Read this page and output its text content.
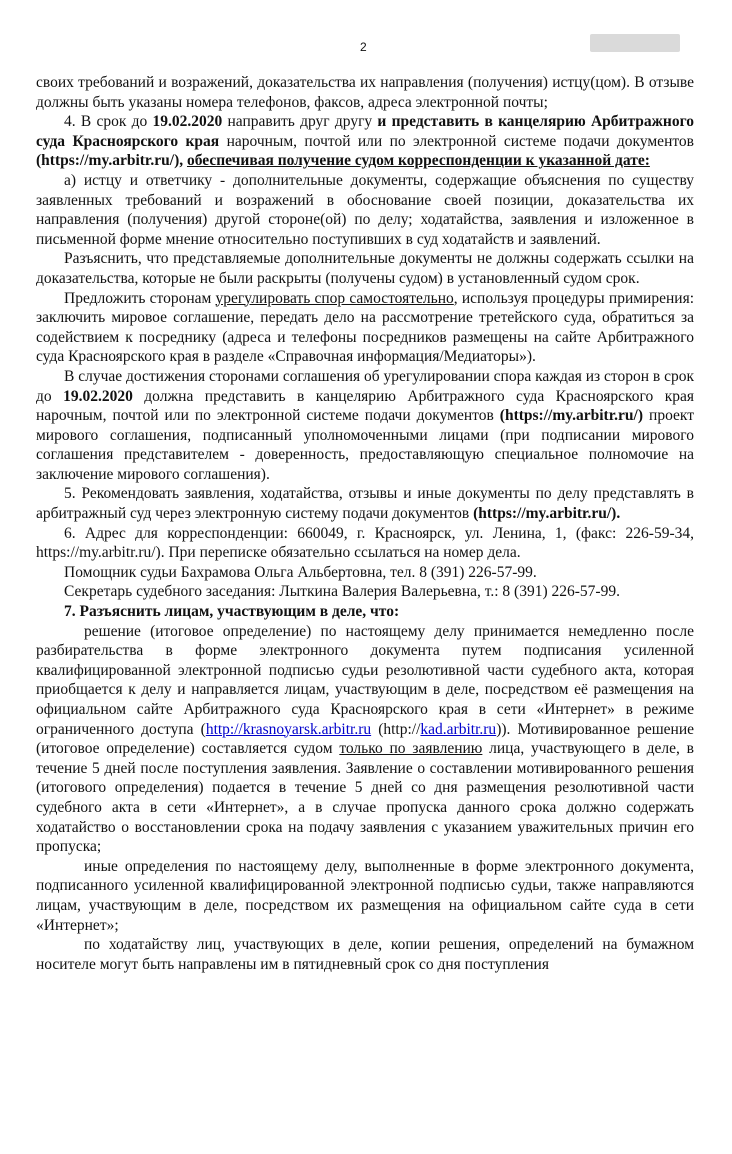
2

своих требований и возражений, доказательства их направления (получения) истцу(цом). В отзыве должны быть указаны номера телефонов, факсов, адреса электронной почты;

4. В срок до 19.02.2020 направить друг другу и представить в канцелярию Арбитражного суда Красноярского края нарочным, почтой или по электронной системе подачи документов (https://my.arbitr.ru/), обеспечивая получение судом корреспонденции к указанной дате:

а) истцу и ответчику - дополнительные документы, содержащие объяснения по существу заявленных требований и возражений в обоснование своей позиции, доказательства их направления (получения) другой стороне(ой) по делу; ходатайства, заявления и изложенное в письменной форме мнение относительно поступивших в суд ходатайств и заявлений.

Разъяснить, что представляемые дополнительные документы не должны содержать ссылки на доказательства, которые не были раскрыты (получены судом) в установленный судом срок.

Предложить сторонам урегулировать спор самостоятельно, используя процедуры примирения: заключить мировое соглашение, передать дело на рассмотрение третейского суда, обратиться за содействием к посреднику (адреса и телефоны посредников размещены на сайте Арбитражного суда Красноярского края в разделе «Справочная информация/Медиаторы»).

В случае достижения сторонами соглашения об урегулировании спора каждая из сторон в срок до 19.02.2020 должна представить в канцелярию Арбитражного суда Красноярского края нарочным, почтой или по электронной системе подачи документов (https://my.arbitr.ru/) проект мирового соглашения, подписанный уполномоченными лицами (при подписании мирового соглашения представителем - доверенность, предоставляющую специальное полномочие на заключение мирового соглашения).

5. Рекомендовать заявления, ходатайства, отзывы и иные документы по делу представлять в арбитражный суд через электронную систему подачи документов (https://my.arbitr.ru/).

6. Адрес для корреспонденции: 660049, г. Красноярск, ул. Ленина, 1, (факс: 226-59-34, https://my.arbitr.ru/). При переписке обязательно ссылаться на номер дела.

Помощник судьи Бахрамова Ольга Альбертовна, тел. 8 (391) 226-57-99.

Секретарь судебного заседания: Лыткина Валерия Валерьевна, т.: 8 (391) 226-57-99.

7. Разъяснить лицам, участвующим в деле, что:

решение (итоговое определение) по настоящему делу принимается немедленно после разбирательства в форме электронного документа путем подписания усиленной квалифицированной электронной подписью судьи резолютивной части судебного акта, которая приобщается к делу и направляется лицам, участвующим в деле, посредством её размещения на официальном сайте Арбитражного суда Красноярского края в сети «Интернет» в режиме ограниченного доступа (http://krasnoyarsk.arbitr.ru (http://kad.arbitr.ru)). Мотивированное решение (итоговое определение) составляется судом только по заявлению лица, участвующего в деле, в течение 5 дней после поступления заявления. Заявление о составлении мотивированного решения (итогового определения) подается в течение 5 дней со дня размещения резолютивной части судебного акта в сети «Интернет», а в случае пропуска данного срока должно содержать ходатайство о восстановлении срока на подачу заявления с указанием уважительных причин его пропуска;

иные определения по настоящему делу, выполненные в форме электронного документа, подписанного усиленной квалифицированной электронной подписью судьи, также направляются лицам, участвующим в деле, посредством их размещения на официальном сайте суда в сети «Интернет»;

по ходатайству лиц, участвующих в деле, копии решения, определений на бумажном носителе могут быть направлены им в пятидневный срок со дня поступления
